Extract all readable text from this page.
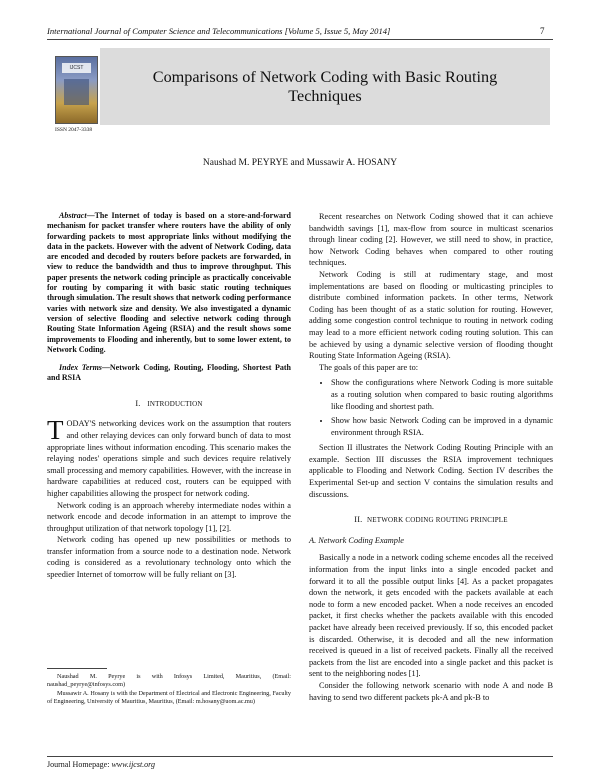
International Journal of Computer Science and Telecommunications [Volume 5, Issue 5, May 2014]	7
IJCST	Comparisons of Network Coding with Basic Routing
Techniques
ISSN 2047-3338
Naushad M. PEYRYE and Mussawir A. HOSANY

Abstract—The Internet of today is based on a store-and-forward mechanism for packet transfer where routers have the ability of only forwarding packets to most appropriate links without modifying the data in the packets. However with the advent of Network Coding, data are encoded and decoded by routers before packets are forwarded, in view to reduce the bandwidth and thus to improve throughput. This paper presents the network coding principle as practically conceivable for routing by comparing it with basic static routing techniques through simulation. The result shows that network coding performance varies with network size and density. We also investigated a dynamic version of selective flooding and selective network coding through Routing State Information Ageing (RSIA) and the result shows some improvements to Flooding and inherently, but to some lower extent, to Network Coding.

Index Terms—Network Coding, Routing, Flooding, Shortest Path and RSIA

I. INTRODUCTION

TODAY'S networking devices work on the assumption that routers and other relaying devices can only forward bunch of data to most appropriate lines without information encoding. This scenario makes the relaying nodes' operations simple and such devices require relatively small processing and memory capabilities. However, with the increase in hardware capabilities at reduced cost, routers can be equipped with higher capabilities allowing the prospect for network coding.

Network coding is an approach whereby intermediate nodes within a network encode and decode information in an attempt to improve the throughput utilization of that network topology [1], [2].

Network coding has opened up new possibilities or methods to transfer information from a source node to a destination node. Network coding is considered as a revolutionary technology onto which the speedier Internet of tomorrow will be fully reliant on [3].

Naushad M. Peyrye is with Infosys Limited, Mauritius, (Email: naushad_peyrye@infosys.com)

Mussawir A. Hosany is with the Department of Electrical and Electronic Engineering, Faculty of Engineering, University of Mauritius, Mauritius, (Email: m.hosany@uom.ac.mu)

Recent researches on Network Coding showed that it can achieve bandwidth savings [1], max-flow from source in multicast scenarios through linear coding [2]. However, we still need to show, in practice, how Network Coding behaves when compared to other routing techniques.

Network Coding is still at rudimentary stage, and most implementations are based on flooding or multicasting principles to distribute combined information packets. In other terms, Network Coding has been thought of as a static solution for routing. However, adding some congestion control technique to routing in network coding may lead to a more efficient network coding routing solution. This can be achieved by using a dynamic selective version of flooding thought Routing State Information Ageing (RSIA).

The goals of this paper are to:

• Show the configurations where Network Coding is more suitable as a routing solution when compared to basic routing algorithms like flooding and shortest path.
• Show how basic Network Coding can be improved in a dynamic environment through RSIA.

Section II illustrates the Network Coding Routing Principle with an example. Section III discusses the RSIA improvement techniques applicable to Flooding and Network Coding. Section IV describes the Experimental Set-up and section V contains the simulation results and discussions.

II. NETWORK CODING ROUTING PRINCIPLE
A. Network Coding Example

Basically a node in a network coding scheme encodes all the received information from the input links into a single encoded packet and forward it to all the possible output links [4]. As a packet propagates down the network, it gets encoded with the packets available at each node to form a new encoded packet. When a node receives an encoded packet, it first checks whether the packets available with this encoded packet have already been received previously. If so, this encoded packet is discarded. Otherwise, it is decoded and all the new information received is queued in a list of received packets. Finally all the received packets from the list are encoded into a single packet and this packet is sent to the neighboring nodes [1].

Consider the following network scenario with node A and node B having to send two different packets pk-A and pk-B to

Journal Homepage: www.ijcst.org
